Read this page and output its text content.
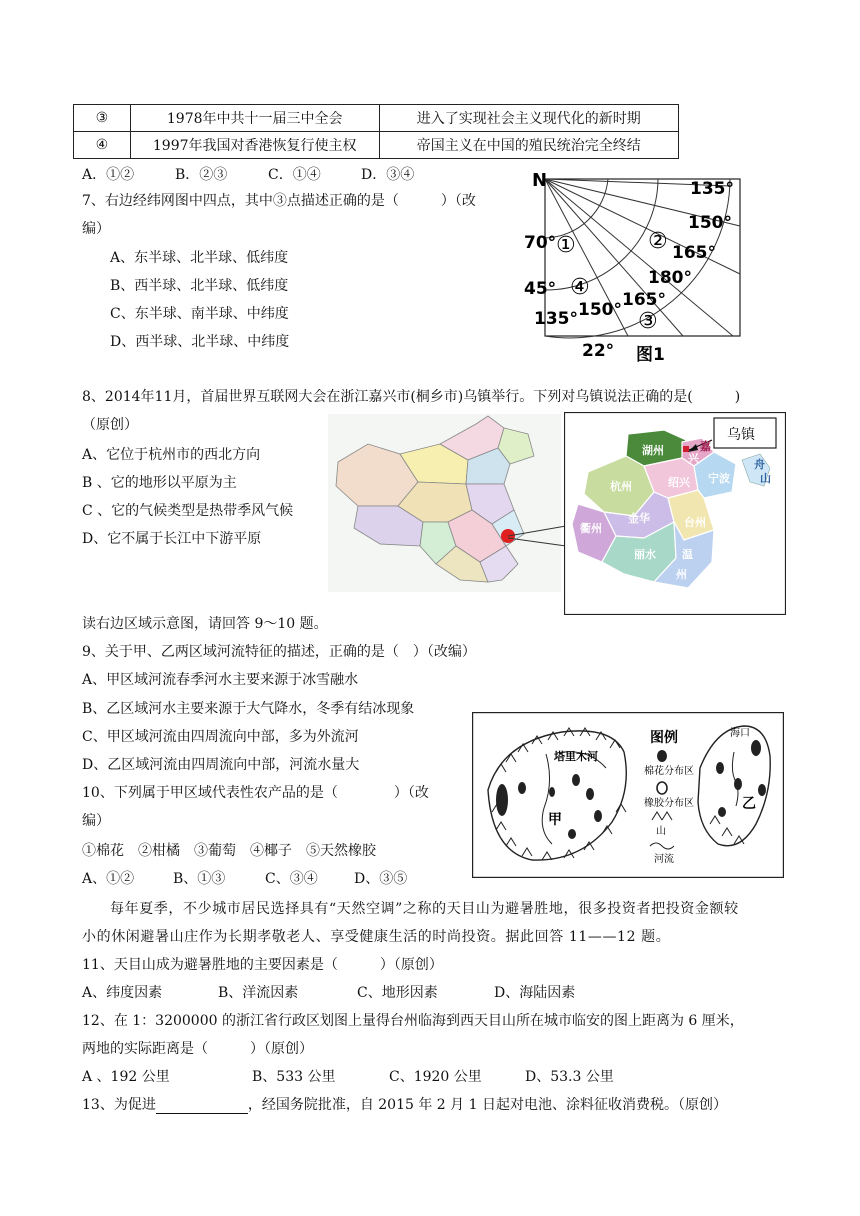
③	1978年中共十一届三中全会	进入了实现社会主义现代化的新时期
④	1997年我国对香港恢复行使主权	帝国主义在中国的殖民统治完全终结
A．①②	B．②③	C．①④	D．③④
7、右边经纬网图中四点，其中③点描述正确的是（　　　）（改
编）
A、东半球、北半球、低纬度
B、西半球、北半球、低纬度
C、东半球、南半球、中纬度
D、西半球、北半球、中纬度
N	135°
150°
165°
180°
165°
150°
135°
70°
45°
22°
①	②
③
④
图1
8、2014年11月，首届世界互联网大会在浙江嘉兴市(桐乡市)乌镇举行。下列对乌镇说法正确的是(　　　)
（原创）
A、它位于杭州市的西北方向
B 、它的地形以平原为主
C 、它的气候类型是热带季风气候
D、它不属于长江中下游平原
乌镇
湖州	嘉
兴
杭州	绍兴 宁波
舟
山
衢州
金华	台州
丽水 温
州
读右边区域示意图，请回答 9～10 题。
9、关于甲、乙两区域河流特征的描述，正确的是（　）（改编）
A、甲区域河流春季河水主要来源于冰雪融水
B、乙区域河水主要来源于大气降水，冬季有结冰现象
C、甲区域河流由四周流向中部，多为外流河
D、乙区域河流由四周流向中部，河流水量大
10、下列属于甲区域代表性农产品的是（　　　　）（改
编）
①棉花　②柑橘　③葡萄　④椰子　⑤天然橡胶
A、①②	B、①③	C、③④	D、③⑤
塔里木河
甲
图例
棉花分布区
橡胶分布区
山
河流
海口
乙
每年夏季，不少城市居民选择具有“天然空调”之称的天目山为避暑胜地，很多投资者把投资金额较
小的休闲避暑山庄作为长期孝敬老人、享受健康生活的时尚投资。据此回答 11——12 题。
11、天目山成为避暑胜地的主要因素是（　　　）（原创）
A、纬度因素	B、洋流因素	C、地形因素	D、海陆因素
12、在 1：3200000 的浙江省行政区划图上量得台州临海到西天目山所在城市临安的图上距离为 6 厘米，
两地的实际距离是（　　　）（原创）
A 、192 公里	B、533 公里	C、1920 公里	D、53.3 公里
13、为促进	，经国务院批准，自 2015 年 2 月 1 日起对电池、涂料征收消费税。（原创）
